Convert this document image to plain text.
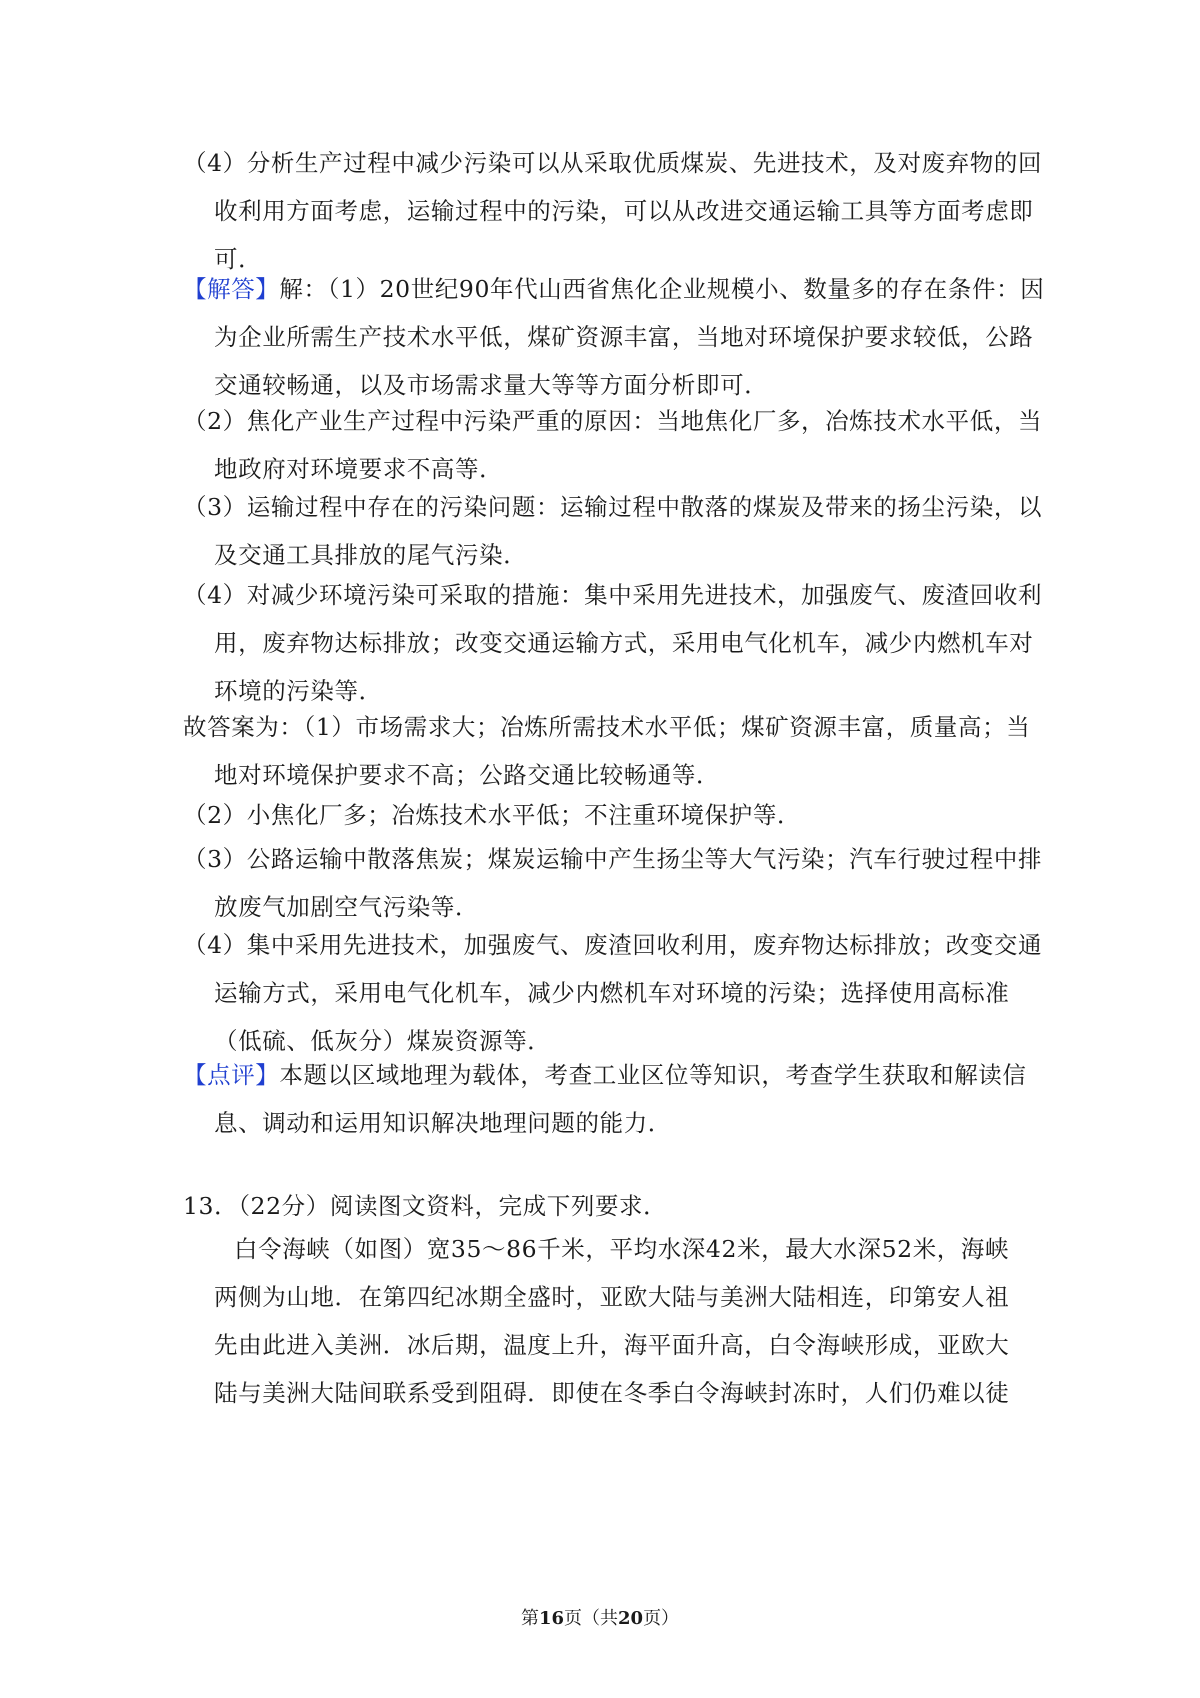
（4）分析生产过程中减少污染可以从采取优质煤炭、先进技术，及对废弃物的回收利用方面考虑，运输过程中的污染，可以从改进交通运输工具等方面考虑即可．
【解答】解：（1）20世纪90年代山西省焦化企业规模小、数量多的存在条件：因为企业所需生产技术水平低，煤矿资源丰富，当地对环境保护要求较低，公路交通较畅通，以及市场需求量大等等方面分析即可．
（2）焦化产业生产过程中污染严重的原因：当地焦化厂多，冶炼技术水平低，当地政府对环境要求不高等．
（3）运输过程中存在的污染问题：运输过程中散落的煤炭及带来的扬尘污染，以及交通工具排放的尾气污染．
（4）对减少环境污染可采取的措施：集中采用先进技术，加强废气、废渣回收利用，废弃物达标排放；改变交通运输方式，采用电气化机车，减少内燃机车对环境的污染等．
故答案为：（1）市场需求大；冶炼所需技术水平低；煤矿资源丰富，质量高；当地对环境保护要求不高；公路交通比较畅通等．
（2）小焦化厂多；冶炼技术水平低；不注重环境保护等．
（3）公路运输中散落焦炭；煤炭运输中产生扬尘等大气污染；汽车行驶过程中排放废气加剧空气污染等．
（4）集中采用先进技术，加强废气、废渣回收利用，废弃物达标排放；改变交通运输方式，采用电气化机车，减少内燃机车对环境的污染；选择使用高标准（低硫、低灰分）煤炭资源等．
【点评】本题以区域地理为载体，考查工业区位等知识，考查学生获取和解读信息、调动和运用知识解决地理问题的能力．
13．（22分）阅读图文资料，完成下列要求．
白令海峡（如图）宽35～86千米，平均水深42米，最大水深52米，海峡两侧为山地．在第四纪冰期全盛时，亚欧大陆与美洲大陆相连，印第安人祖先由此进入美洲．冰后期，温度上升，海平面升高，白令海峡形成，亚欧大陆与美洲大陆间联系受到阻碍．即使在冬季白令海峡封冻时，人们仍难以徒
第16页（共20页）
